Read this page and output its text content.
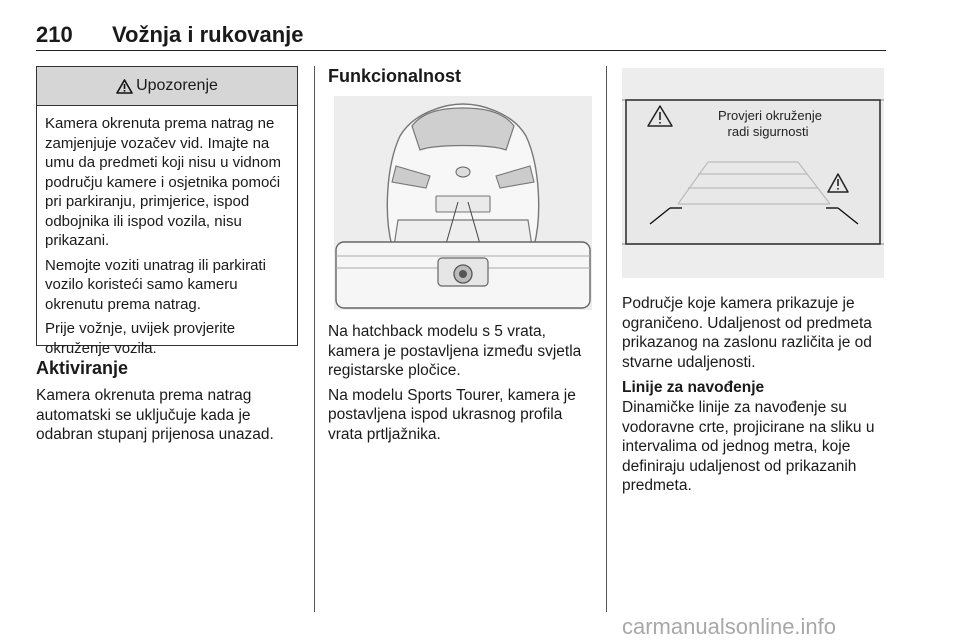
210 Vožnja i rukovanje
Upozorenje

Kamera okrenuta prema natrag ne zamjenjuje vozačev vid. Imajte na umu da predmeti koji nisu u vidnom području kamere i osjetnika pomoći pri parkiranju, primjerice, ispod odbojnika ili ispod vozila, nisu prikazani.

Nemojte voziti unatrag ili parkirati vozilo koristeći samo kameru okrenutu prema natrag.

Prije vožnje, uvijek provjerite okruženje vozila.

Aktiviranje
Kamera okrenuta prema natrag automatski se uključuje kada je odabran stupanj prijenosa unazad.
Funkcionalnost

Na hatchback modelu s 5 vrata, kamera je postavljena između svjetla registarske pločice.

Na modelu Sports Tourer, kamera je postavljena ispod ukrasnog profila vrata prtljažnika.

Provjeri okruženje
radi sigurnosti
Područje koje kamera prikazuje je ograničeno. Udaljenost od predmeta prikazanog na zaslonu različita je od stvarne udaljenosti.
Linije za navođenje
Dinamičke linije za navođenje su vodoravne crte, projicirane na sliku u intervalima od jednog metra, koje definiraju udaljenost od prikazanih predmeta.
carmanualsonline.info
